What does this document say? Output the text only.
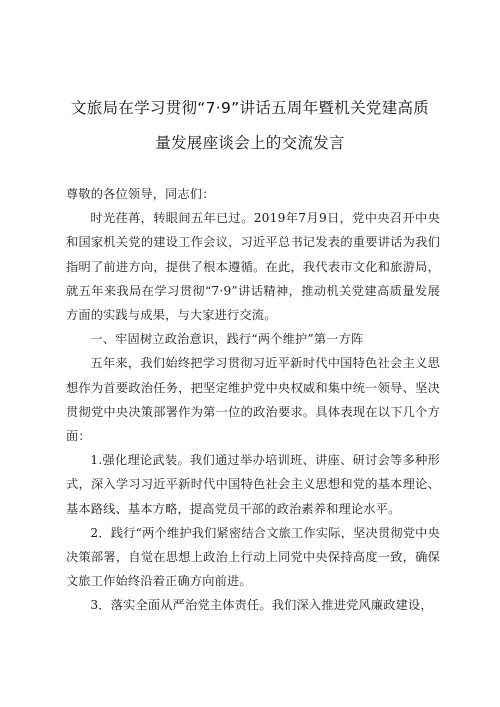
文旅局在学习贯彻“7·9”讲话五周年暨机关党建高质
量发展座谈会上的交流发言

尊敬的各位领导，同志们：

时光荏苒，转眼间五年已过。2019年7月9日，党中央召开中央和国家机关党的建设工作会议，习近平总书记发表的重要讲话为我们指明了前进方向，提供了根本遵循。在此，我代表市文化和旅游局，就五年来我局在学习贯彻“7·9”讲话精神，推动机关党建高质量发展方面的实践与成果，与大家进行交流。

一、牢固树立政治意识，践行“两个维护”第一方阵

五年来，我们始终把学习贯彻习近平新时代中国特色社会主义思想作为首要政治任务，把坚定维护党中央权威和集中统一领导、坚决贯彻党中央决策部署作为第一位的政治要求。具体表现在以下几个方面：

1.强化理论武装。我们通过举办培训班、讲座、研讨会等多种形式，深入学习习近平新时代中国特色社会主义思想和党的基本理论、基本路线、基本方略，提高党员干部的政治素养和理论水平。

2．践行“两个维护我们紧密结合文旅工作实际，坚决贯彻党中央决策部署，自觉在思想上政治上行动上同党中央保持高度一致，确保文旅工作始终沿着正确方向前进。

3．落实全面从严治党主体责任。我们深入推进党风廉政建设，
